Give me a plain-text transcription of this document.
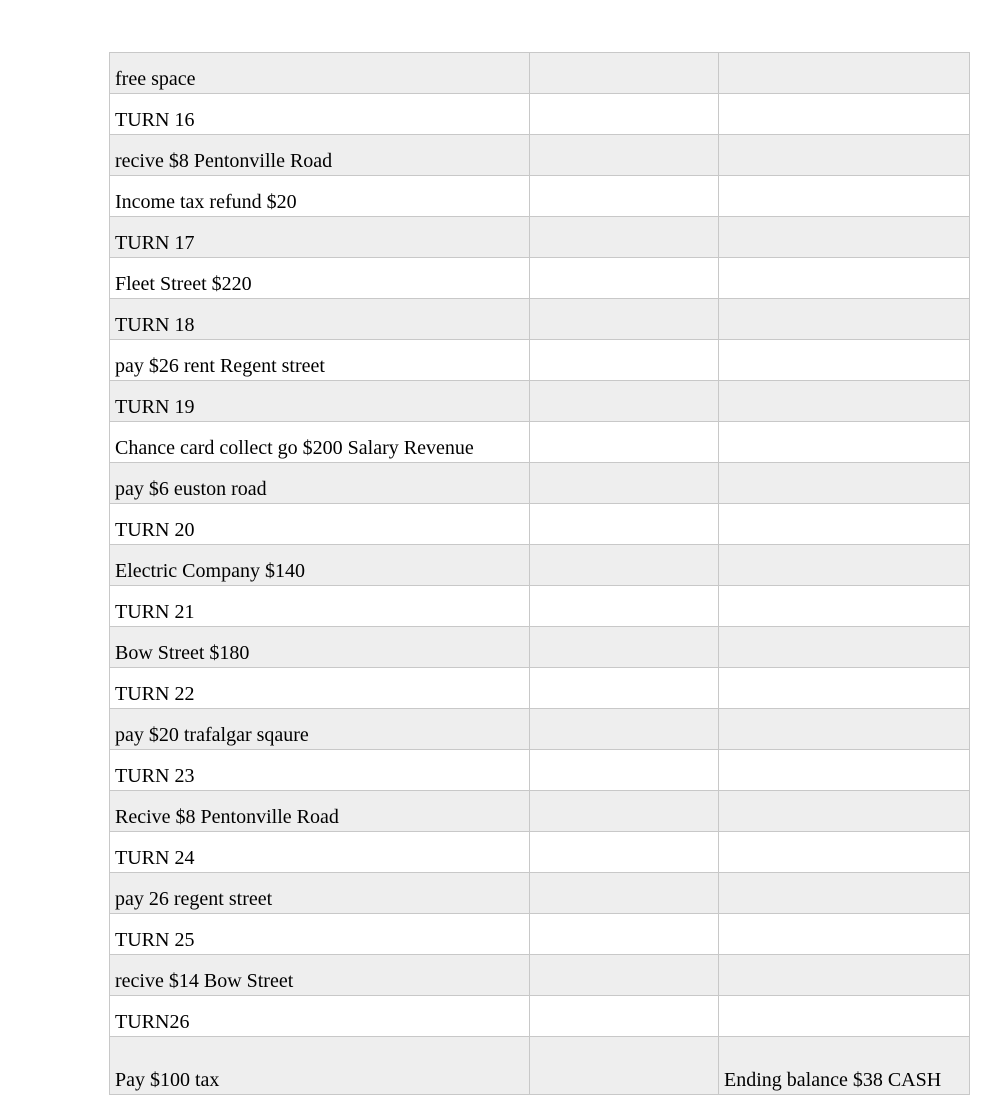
free space		
TURN 16		
recive $8 Pentonville Road		
Income tax refund $20		
TURN 17		
Fleet Street $220		
TURN 18		
pay $26 rent Regent street		
TURN 19		
Chance card collect go $200 Salary Revenue		
pay $6 euston road		
TURN 20		
Electric Company $140		
TURN 21		
Bow Street $180		
TURN 22		
pay $20 trafalgar sqaure		
TURN 23		
Recive $8 Pentonville Road		
TURN 24		
pay 26 regent street		
TURN 25		
recive $14 Bow Street		
TURN26		
Pay $100 tax		Ending balance $38 CASH
